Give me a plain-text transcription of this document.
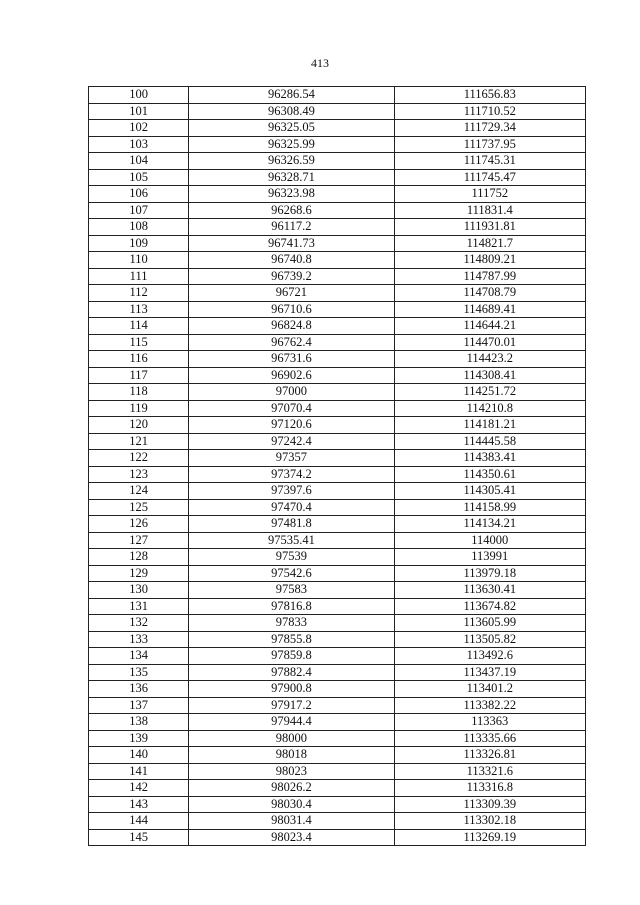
413
100	96286.54	111656.83
101	96308.49	111710.52
102	96325.05	111729.34
103	96325.99	111737.95
104	96326.59	111745.31
105	96328.71	111745.47
106	96323.98	111752
107	96268.6	111831.4
108	96117.2	111931.81
109	96741.73	114821.7
110	96740.8	114809.21
111	96739.2	114787.99
112	96721	114708.79
113	96710.6	114689.41
114	96824.8	114644.21
115	96762.4	114470.01
116	96731.6	114423.2
117	96902.6	114308.41
118	97000	114251.72
119	97070.4	114210.8
120	97120.6	114181.21
121	97242.4	114445.58
122	97357	114383.41
123	97374.2	114350.61
124	97397.6	114305.41
125	97470.4	114158.99
126	97481.8	114134.21
127	97535.41	114000
128	97539	113991
129	97542.6	113979.18
130	97583	113630.41
131	97816.8	113674.82
132	97833	113605.99
133	97855.8	113505.82
134	97859.8	113492.6
135	97882.4	113437.19
136	97900.8	113401.2
137	97917.2	113382.22
138	97944.4	113363
139	98000	113335.66
140	98018	113326.81
141	98023	113321.6
142	98026.2	113316.8
143	98030.4	113309.39
144	98031.4	113302.18
145	98023.4	113269.19
